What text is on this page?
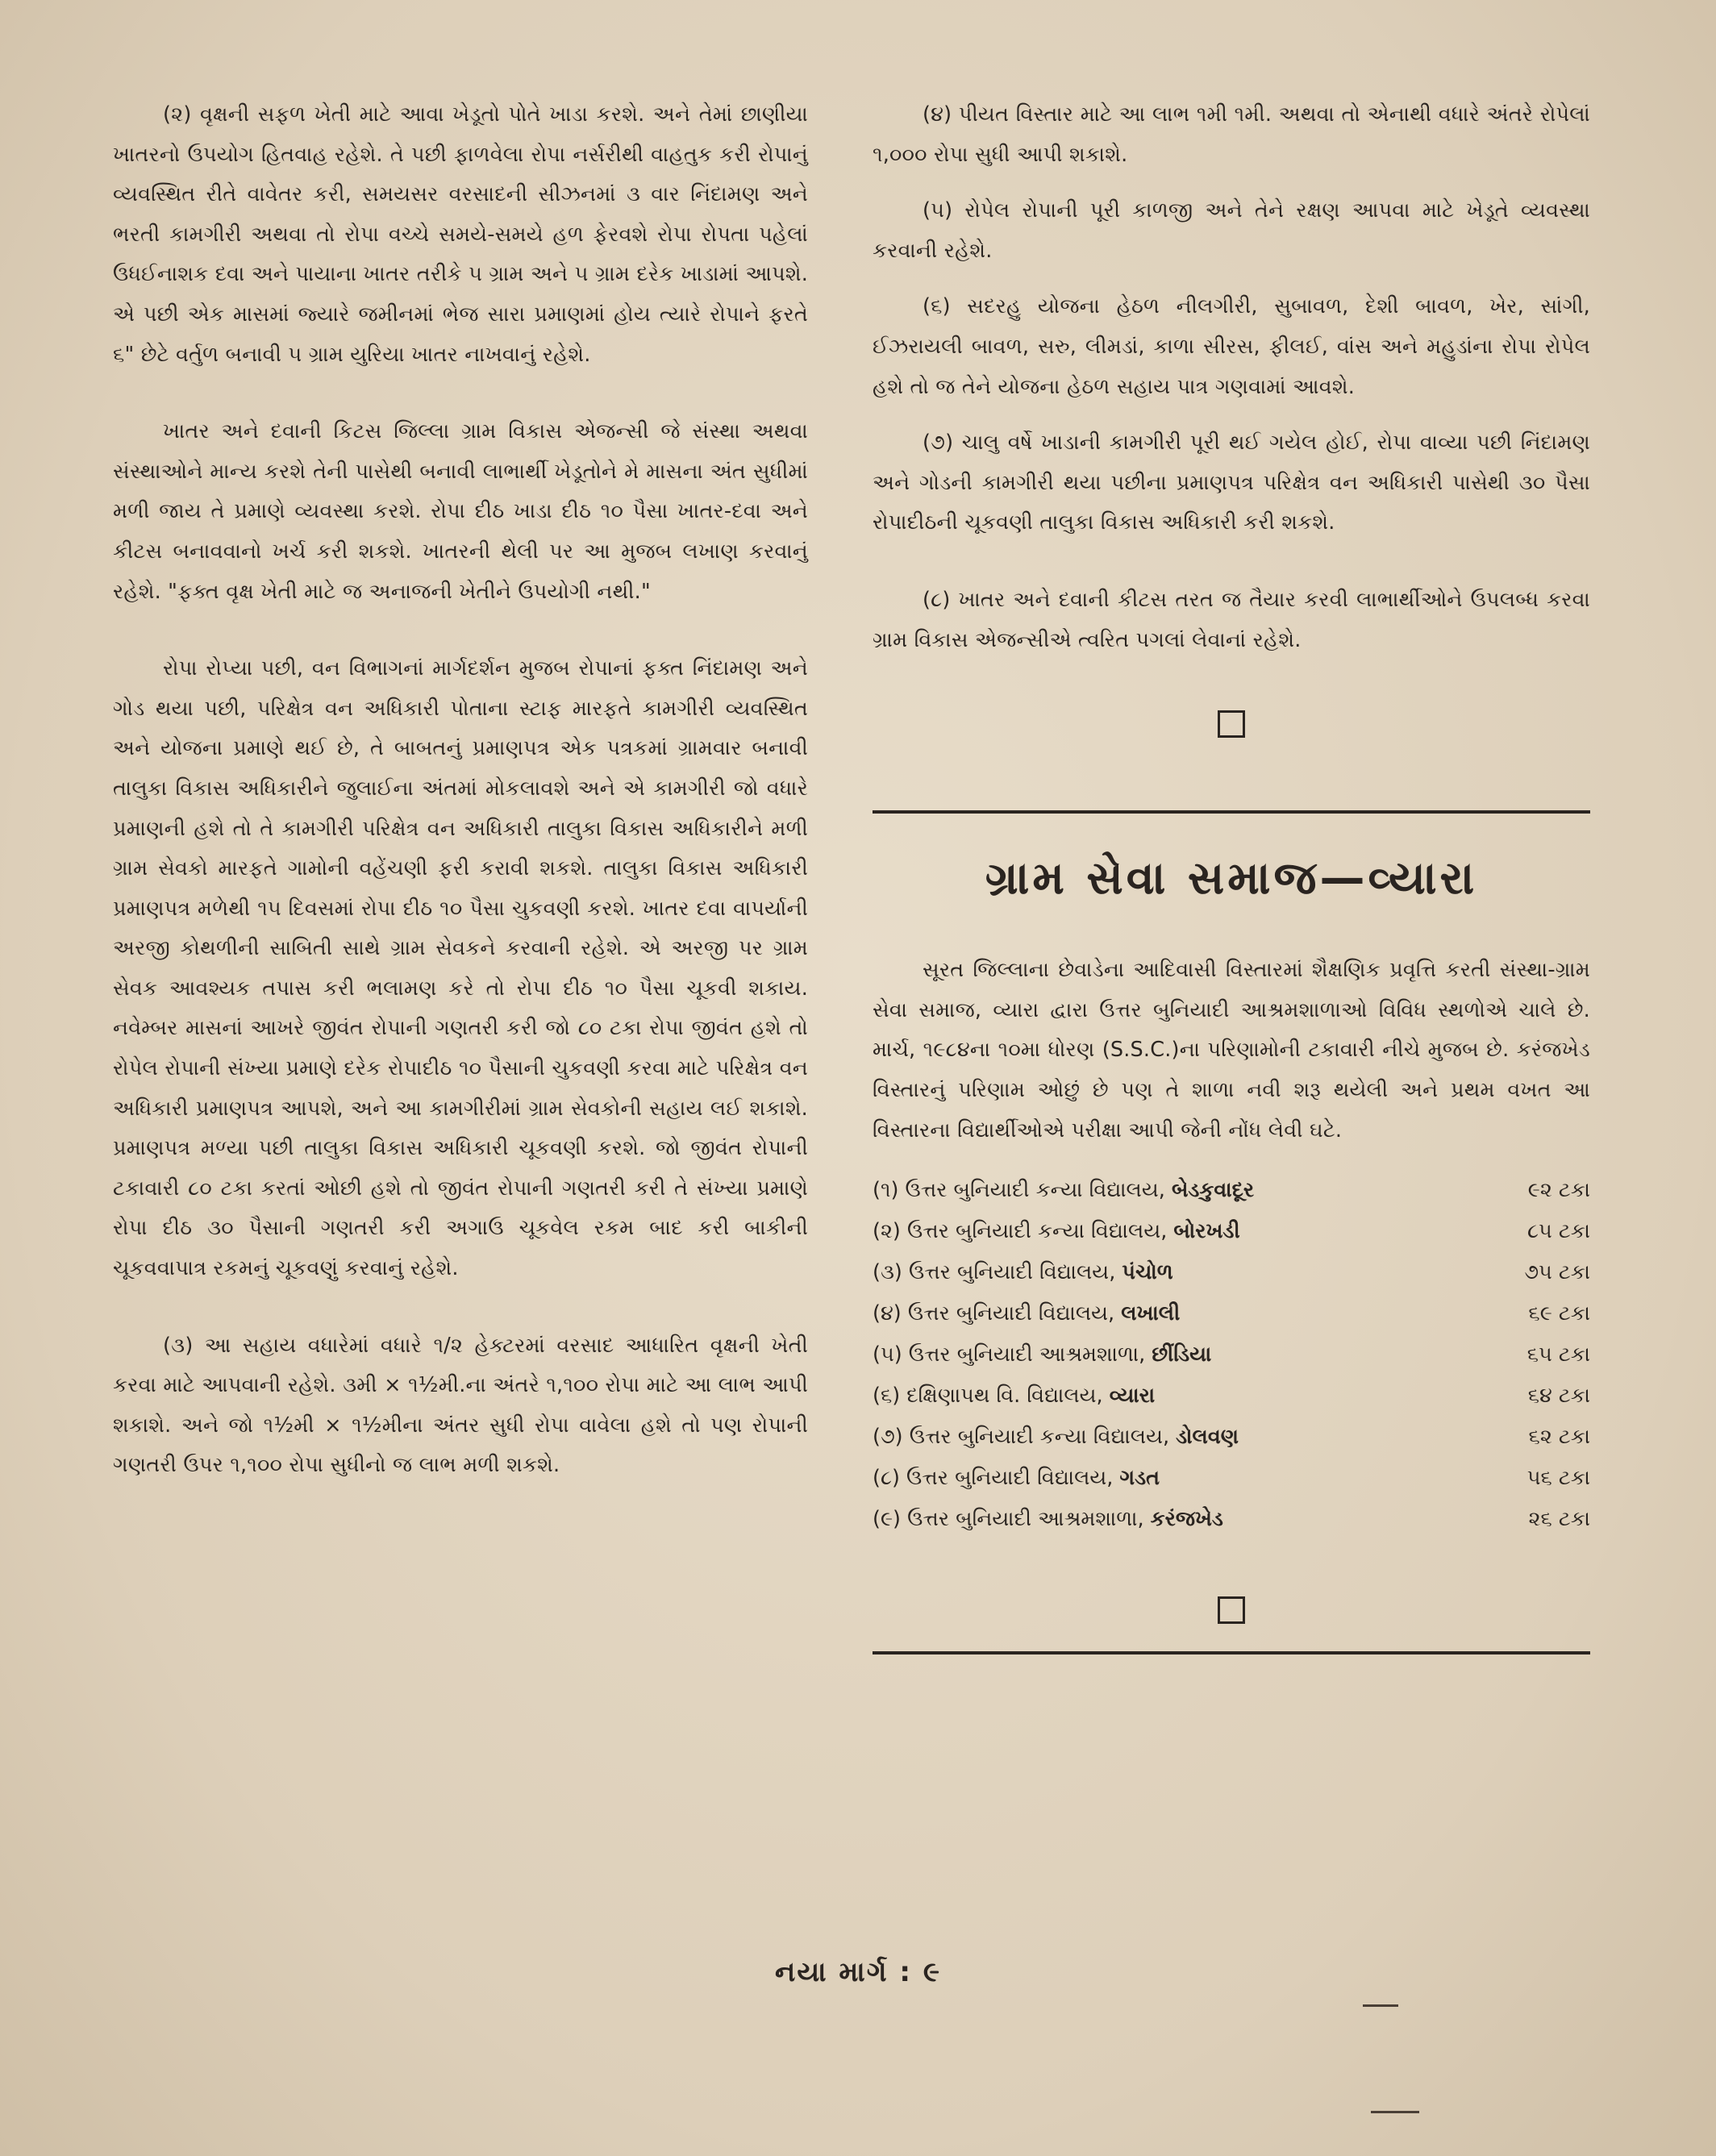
(૨) વૃક્ષની સફળ ખેતી માટે આવા ખેડૂતો પોતે ખાડા કરશે. અને તેમાં છાણીયા ખાતરનો ઉપયોગ હિતવાહ રહેશે. તે પછી ફાળવેલા રોપા નર્સરીથી વાહતુક કરી રોપાનું વ્યવસ્થિત રીતે વાવેતર કરી, સમયસર વરસાદની સીઝનમાં ૩ વાર નિંદામણ અને ભરતી કામગીરી અથવા તો રોપા વચ્ચે સમયે-સમયે હળ ફેરવશે રોપા રોપતા પહેલાં ઉધઈનાશક દવા અને પાયાના ખાતર તરીકે ૫ ગ્રામ અને ૫ ગ્રામ દરેક ખાડામાં આપશે. એ પછી એક માસમાં જ્યારે જમીનમાં ભેજ સારા પ્રમાણમાં હોય ત્યારે રોપાને ફરતે ૬" છેટે વર્તુળ બનાવી ૫ ગ્રામ યુરિયા ખાતર નાખવાનું રહેશે.

ખાતર અને દવાની કિટસ જિલ્લા ગ્રામ વિકાસ એજન્સી જે સંસ્થા અથવા સંસ્થાઓને માન્ય કરશે તેની પાસેથી બનાવી લાભાર્થી ખેડૂતોને મે માસના અંત સુધીમાં મળી જાય તે પ્રમાણે વ્યવસ્થા કરશે. રોપા દીઠ ખાડા દીઠ ૧૦ પૈસા ખાતર-દવા અને કીટસ બનાવવાનો ખર્ચ કરી શકશે. ખાતરની થેલી પર આ મુજબ લખાણ કરવાનું રહેશે. "ફક્ત વૃક્ષ ખેતી માટે જ અનાજની ખેતીને ઉપયોગી નથી."

રોપા રોપ્યા પછી, વન વિભાગનાં માર્ગદર્શન મુજબ રોપાનાં ફક્ત નિંદામણ અને ગોડ થયા પછી, પરિક્ષેત્ર વન અધિકારી પોતાના સ્ટાફ મારફતે કામગીરી વ્યવસ્થિત અને યોજના પ્રમાણે થઈ છે, તે બાબતનું પ્રમાણપત્ર એક પત્રકમાં ગ્રામવાર બનાવી તાલુકા વિકાસ અધિકારીને જુલાઈના અંતમાં મોકલાવશે અને એ કામગીરી જો વધારે પ્રમાણની હશે તો તે કામગીરી પરિક્ષેત્ર વન અધિકારી તાલુકા વિકાસ અધિકારીને મળી ગ્રામ સેવકો મારફતે ગામોની વહેંચણી ફરી કરાવી શકશે. તાલુકા વિકાસ અધિકારી પ્રમાણપત્ર મળેથી ૧૫ દિવસમાં રોપા દીઠ ૧૦ પૈસા ચુકવણી કરશે. ખાતર દવા વાપર્યાની અરજી કોથળીની સાબિતી સાથે ગ્રામ સેવકને કરવાની રહેશે. એ અરજી પર ગ્રામ સેવક આવશ્યક તપાસ કરી ભલામણ કરે તો રોપા દીઠ ૧૦ પૈસા ચૂકવી શકાય. નવેમ્બર માસનાં આખરે જીવંત રોપાની ગણતરી કરી જો ૮૦ ટકા રોપા જીવંત હશે તો રોપેલ રોપાની સંખ્યા પ્રમાણે દરેક રોપાદીઠ ૧૦ પૈસાની ચુકવણી કરવા માટે પરિક્ષેત્ર વન અધિકારી પ્રમાણપત્ર આપશે, અને આ કામગીરીમાં ગ્રામ સેવકોની સહાય લઈ શકાશે. પ્રમાણપત્ર મળ્યા પછી તાલુકા વિકાસ અધિકારી ચૂકવણી કરશે. જો જીવંત રોપાની ટકાવારી ૮૦ ટકા કરતાં ઓછી હશે તો જીવંત રોપાની ગણતરી કરી તે સંખ્યા પ્રમાણે રોપા દીઠ ૩૦ પૈસાની ગણતરી કરી અગાઉ ચૂકવેલ રકમ બાદ કરી બાકીની ચૂકવવાપાત્ર રકમનું ચૂકવણું કરવાનું રહેશે.

(૩) આ સહાય વધારેમાં વધારે ૧/૨ હેક્ટરમાં વરસાદ આધારિત વૃક્ષની ખેતી કરવા માટે આપવાની રહેશે. ૩મી × ૧½મી.ના અંતરે ૧,૧૦૦ રોપા માટે આ લાભ આપી શકાશે. અને જો ૧½મી × ૧½મીના અંતર સુધી રોપા વાવેલા હશે તો પણ રોપાની ગણતરી ઉપર ૧,૧૦૦ રોપા સુધીનો જ લાભ મળી શકશે.

(૪) પીયત વિસ્તાર માટે આ લાભ ૧મી ૧મી. અથવા તો એનાથી વધારે અંતરે રોપેલાં ૧,૦૦૦ રોપા સુધી આપી શકાશે.

(૫) રોપેલ રોપાની પૂરી કાળજી અને તેને રક્ષણ આપવા માટે ખેડૂતે વ્યવસ્થા કરવાની રહેશે.

(૬) સદરહુ યોજના હેઠળ નીલગીરી, સુબાવળ, દેશી બાવળ, ખેર, સાંગી, ઈઝરાયલી બાવળ, સરુ, લીમડાં, કાળા સીરસ, ફીલઈ, વાંસ અને મહુડાંના રોપા રોપેલ હશે તો જ તેને યોજના હેઠળ સહાય પાત્ર ગણવામાં આવશે.

(૭) ચાલુ વર્ષે ખાડાની કામગીરી પૂરી થઈ ગયેલ હોઈ, રોપા વાવ્યા પછી નિંદામણ અને ગોડની કામગીરી થયા પછીના પ્રમાણપત્ર પરિક્ષેત્ર વન અધિકારી પાસેથી ૩૦ પૈસા રોપાદીઠની ચૂકવણી તાલુકા વિકાસ અધિકારી કરી શકશે.

(૮) ખાતર અને દવાની કીટસ તરત જ તૈયાર કરવી લાભાર્થીઓને ઉપલબ્ધ કરવા ગ્રામ વિકાસ એજન્સીએ ત્વરિત પગલાં લેવાનાં રહેશે.

ગ્રામ સેવા સમાજ—વ્યારા

સૂરત જિલ્લાના છેવાડેના આદિવાસી વિસ્તારમાં શૈક્ષણિક પ્રવૃત્તિ કરતી સંસ્થા-ગ્રામ સેવા સમાજ, વ્યારા દ્વારા ઉત્તર બુનિયાદી આશ્રમશાળાઓ વિવિધ સ્થળોએ ચાલે છે. માર્ચ, ૧૯૮૪ના ૧૦મા ધોરણ (S.S.C.)ના પરિણામોની ટકાવારી નીચે મુજબ છે. કરંજખેડ વિસ્તારનું પરિણામ ઓછું છે પણ તે શાળા નવી શરૂ થયેલી અને પ્રથમ વખત આ વિસ્તારના વિદ્યાર્થીઓએ પરીક્ષા આપી જેની નોંધ લેવી ઘટે.

(૧) ઉત્તર બુનિયાદી કન્યા વિદ્યાલય, બેડકુવાદૂર	૯૨ ટકા
(૨) ઉત્તર બુનિયાદી કન્યા વિદ્યાલય, બોરખડી	૮૫ ટકા
(૩) ઉત્તર બુનિયાદી વિદ્યાલય, પંચોળ	૭૫ ટકા
(૪) ઉત્તર બુનિયાદી વિદ્યાલય, લખાલી	૬૯ ટકા
(૫) ઉત્તર બુનિયાદી આશ્રમશાળા, છીંડિયા	૬૫ ટકા
(૬) દક્ષિણાપથ વિ. વિદ્યાલય, વ્યારા	૬૪ ટકા
(૭) ઉત્તર બુનિયાદી કન્યા વિદ્યાલય, ડોલવણ	૬૨ ટકા
(૮) ઉત્તર બુનિયાદી વિદ્યાલય, ગડત	૫૬ ટકા
(૯) ઉત્તર બુનિયાદી આશ્રમશાળા, કરંજખેડ	૨૬ ટકા
નયા માર્ગ : ૯
